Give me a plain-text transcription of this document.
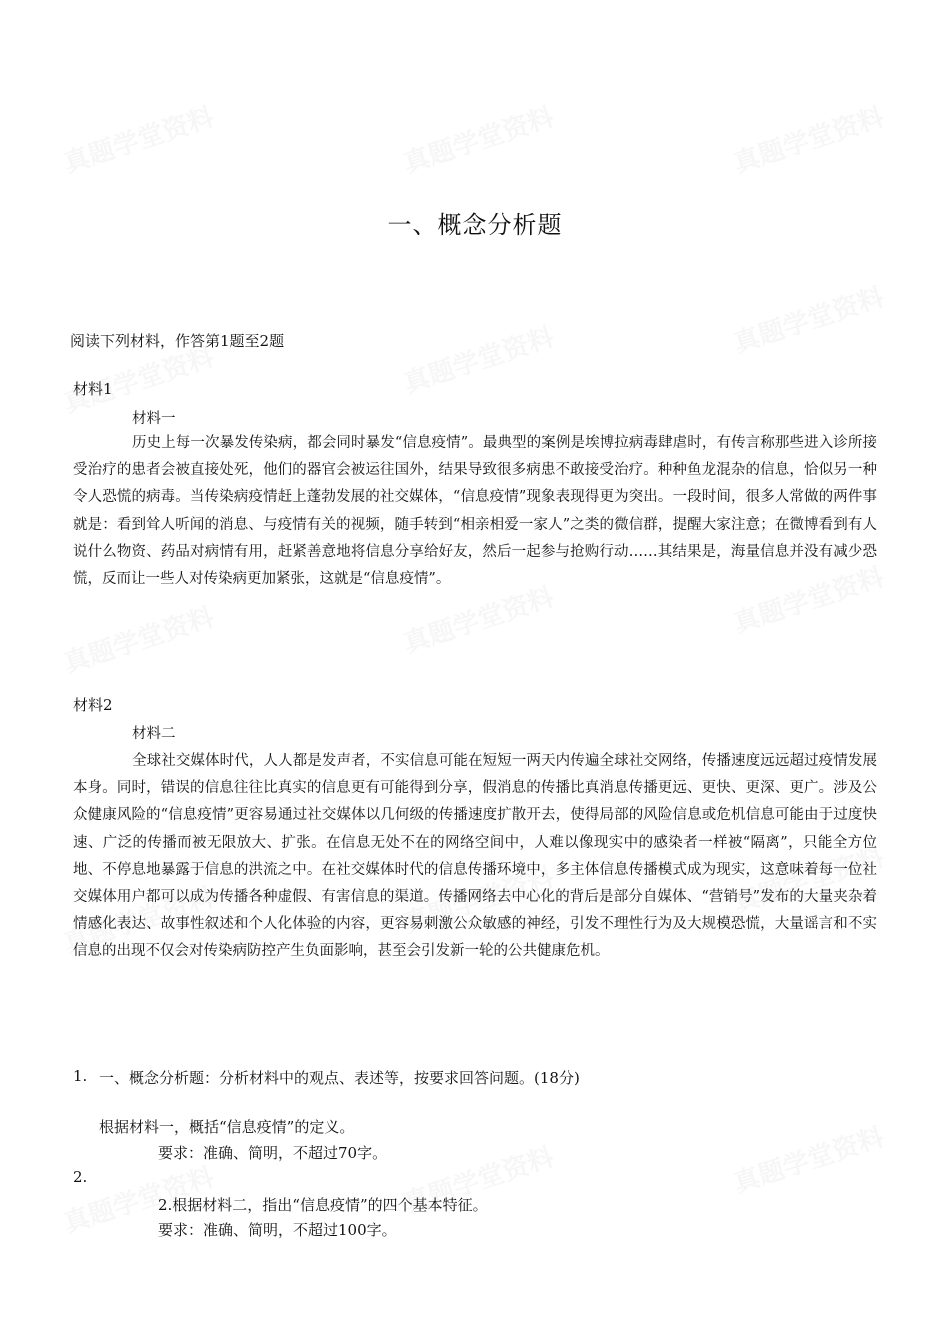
一、概念分析题

阅读下列材料，作答第1题至2题

材料1

材料一

历史上每一次暴发传染病，都会同时暴发“信息疫情”。最典型的案例是埃博拉病毒肆虐时，有传言称那些进入诊所接受治疗的患者会被直接处死，他们的器官会被运往国外，结果导致很多病患不敢接受治疗。种种鱼龙混杂的信息，恰似另一种令人恐慌的病毒。当传染病疫情赶上蓬勃发展的社交媒体，“信息疫情”现象表现得更为突出。一段时间，很多人常做的两件事就是：看到耸人听闻的消息、与疫情有关的视频，随手转到“相亲相爱一家人”之类的微信群，提醒大家注意；在微博看到有人说什么物资、药品对病情有用，赶紧善意地将信息分享给好友，然后一起参与抢购行动……其结果是，海量信息并没有减少恐慌，反而让一些人对传染病更加紧张，这就是“信息疫情”。

材料2

材料二

全球社交媒体时代，人人都是发声者，不实信息可能在短短一两天内传遍全球社交网络，传播速度远远超过疫情发展本身。同时，错误的信息往往比真实的信息更有可能得到分享，假消息的传播比真消息传播更远、更快、更深、更广。涉及公众健康风险的“信息疫情”更容易通过社交媒体以几何级的传播速度扩散开去，使得局部的风险信息或危机信息可能由于过度快速、广泛的传播而被无限放大、扩张。在信息无处不在的网络空间中，人难以像现实中的感染者一样被“隔离”，只能全方位地、不停息地暴露于信息的洪流之中。在社交媒体时代的信息传播环境中，多主体信息传播模式成为现实，这意味着每一位社交媒体用户都可以成为传播各种虚假、有害信息的渠道。传播网络去中心化的背后是部分自媒体、“营销号”发布的大量夹杂着情感化表达、故事性叙述和个人化体验的内容，更容易刺激公众敏感的神经，引发不理性行为及大规模恐慌，大量谣言和不实信息的出现不仅会对传染病防控产生负面影响，甚至会引发新一轮的公共健康危机。

1. 一、概念分析题：分析材料中的观点、表述等，按要求回答问题。(18分)

根据材料一，概括“信息疫情”的定义。

要求：准确、简明，不超过70字。

2.

2.根据材料二，指出“信息疫情”的四个基本特征。

要求：准确、简明，不超过100字。
